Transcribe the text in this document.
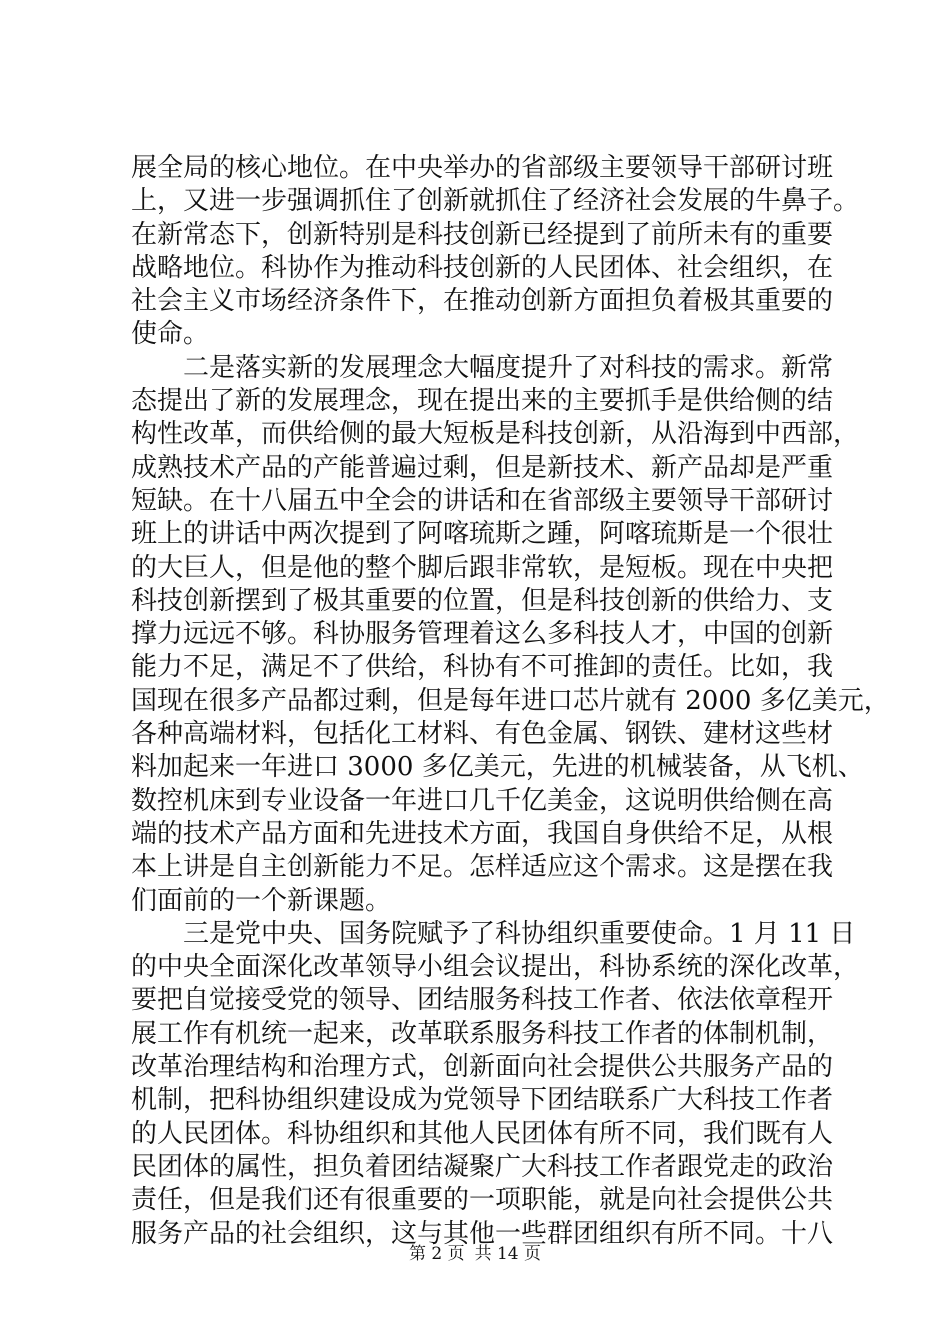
展全局的核心地位。在中央举办的省部级主要领导干部研讨班
上，又进一步强调抓住了创新就抓住了经济社会发展的牛鼻子。
在新常态下，创新特别是科技创新已经提到了前所未有的重要
战略地位。科协作为推动科技创新的人民团体、社会组织，在
社会主义市场经济条件下，在推动创新方面担负着极其重要的
使命。
二是落实新的发展理念大幅度提升了对科技的需求。新常
态提出了新的发展理念，现在提出来的主要抓手是供给侧的结
构性改革，而供给侧的最大短板是科技创新，从沿海到中西部，
成熟技术产品的产能普遍过剩，但是新技术、新产品却是严重
短缺。在十八届五中全会的讲话和在省部级主要领导干部研讨
班上的讲话中两次提到了阿喀琉斯之踵，阿喀琉斯是一个很壮
的大巨人，但是他的整个脚后跟非常软，是短板。现在中央把
科技创新摆到了极其重要的位置，但是科技创新的供给力、支
撑力远远不够。科协服务管理着这么多科技人才，中国的创新
能力不足，满足不了供给，科协有不可推卸的责任。比如，我
国现在很多产品都过剩，但是每年进口芯片就有 2000 多亿美元，
各种高端材料，包括化工材料、有色金属、钢铁、建材这些材
料加起来一年进口 3000 多亿美元，先进的机械装备，从飞机、
数控机床到专业设备一年进口几千亿美金，这说明供给侧在高
端的技术产品方面和先进技术方面，我国自身供给不足，从根
本上讲是自主创新能力不足。怎样适应这个需求。这是摆在我
们面前的一个新课题。
三是党中央、国务院赋予了科协组织重要使命。1 月 11 日
的中央全面深化改革领导小组会议提出，科协系统的深化改革，
要把自觉接受党的领导、团结服务科技工作者、依法依章程开
展工作有机统一起来，改革联系服务科技工作者的体制机制，
改革治理结构和治理方式，创新面向社会提供公共服务产品的
机制，把科协组织建设成为党领导下团结联系广大科技工作者
的人民团体。科协组织和其他人民团体有所不同，我们既有人
民团体的属性，担负着团结凝聚广大科技工作者跟党走的政治
责任，但是我们还有很重要的一项职能，就是向社会提供公共
服务产品的社会组织，这与其他一些群团组织有所不同。十八
第 2 页 共 14 页
